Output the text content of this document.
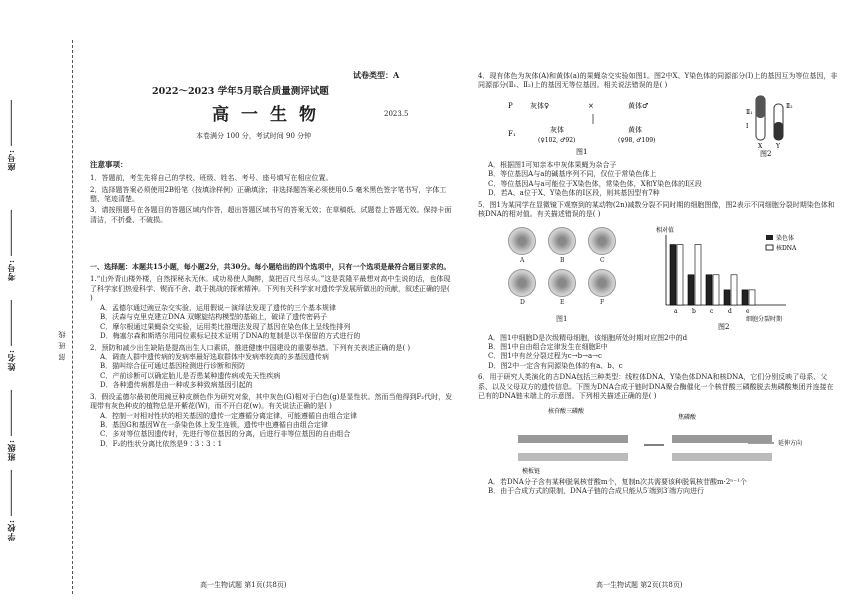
学校:
班级:
姓名:
考号:
座号:
部 班 线
试卷类型：A
2022～2023 学年5月联合质量测评试题
高一生物	2023.5
本卷满分 100 分，考试时间 90 分钟
注意事项：
1．答题前，考生先将自己的学校、班级、姓名、考号、座号填写在相应位置。
2．选择题答案必须使用2B铅笔（按填涂样例）正确填涂；非选择题答案必须使用0.5 毫米黑色签字笔书写，字体工整、笔迹清楚。
3．请按照题号在各题目的答题区域内作答，超出答题区域书写的答案无效；在草稿纸、试题卷上答题无效。保持卡面清洁，不折叠、不破损。
一、选择题：本题共15小题，每小题2分，共30分。每小题给出的四个选项中，只有一个选项是最符合题目要求的。
1.“山外青山楼外楼，自然探秘永无休。成功易使人陶醉，莫把百尺当尽头。”这是袁隆平最想对高中生说的话，也体现了科学家们热爱科学、锲而不舍、敢于挑战的探索精神。下列有关科学家对遗传学发展所做出的贡献，叙述正确的是( )
A．孟德尔通过豌豆杂交实验，运用假说－演绎法发现了遗传的三个基本规律
B．沃森与克里克建立DNA 双螺旋结构模型的基础上，破译了遗传密码子
C．摩尔根通过果蝇杂交实验，运用类比推理法发现了基因在染色体上呈线性排列
D．梅塞尔森和斯塔尔用同位素标记技术证明了DNA的复制是以半保留的方式进行的
2．预防和减少出生缺陷是提高出生人口素质，推进健康中国建设的重要举措。下列有关表述正确的是( )
A．调查人群中遗传病的发病率最好选取群体中发病率较高的多基因遗传病
B．猫叫综合征可通过基因检测进行诊断和预防
C．产前诊断可以确定胎儿是否患某种遗传病或先天性疾病
D．各种遗传病都是由一种或多种致病基因引起的
3．假设孟德尔最初使用豌豆种皮颜色作为研究对象，其中灰色(G)相对于白色(g)是显性状。然而当他得到F₂代时，发现带有灰色种皮的植物总是开紫花(W)，而不开白花(w)。有关说法正确的是( )
A．控制一对相对性状的相关基因的遗传一定遵循分离定律，可能遵循自由组合定律
B．基因G和基因W在一条染色体上发生连锁，遗传中也遵循自由组合定律
C．多对等位基因遗传时，先进行等位基因的分离，后进行非等位基因的自由组合
D．F₂的性状分离比依然是9∶3∶3∶1
4．现有体色为灰体(A)和黄体(a)的果蝇杂交实验如图1。图2中X、Y染色体的同源部分(Ⅰ)上的基因互为等位基因，非同源部分(Ⅱ₁、Ⅱ₂)上的基因无等位基因。相关说法错误的是( )
P 灰体♀	×	黄体♂
F₁	灰体
(♀102, ♂92)
黄体
(♀98, ♂109)
图1
Ⅱ₁
Ⅰ
Ⅱ₂
X Y
图2
A．根据图1可知亲本中灰体果蝇为杂合子
B．等位基因A与a的碱基序列不同，仅位于常染色体上
C．等位基因A与a可能位于X染色体，常染色体，X和Y染色体的Ⅰ区段
D．若A、a位于X、Y染色体的Ⅰ区段，则其基因型有7种
5．图1为某同学在显微镜下观察到的某动物(2n)减数分裂不同时期的细胞图像，图2表示不同细胞分裂时期染色体和核DNA的相对值。有关描述错误的是( )
A	B	C
D	E	F
图1
相对值
a b c d e
染色体
核DNA
细胞分裂时期
图2
A．图1中细胞D是次级精母细胞，该细胞所处时期对应图2中的d
B．图1中自由组合定律发生在细胞E中
C．图1中有丝分裂过程为c→b→a→c
D．图2中一定含有同源染色体的有a、b、c
6．用于研究人类演化的古DNA包括三种类型：线粒体DNA、Y染色体DNA和核DNA，它们分别反映了母系、父系、以及父母双方的遗传信息。下图为DNA合成于链时DNA聚合酶催化一个核苷酸三磷酸脱去焦磷酸集团并连接在已有的DNA链末端上的示意图。下列相关描述正确的是( )
核苷酸三磷酸
焦磷酸
延伸方向
模板链
A．若DNA分子含有某种脱氧核苷酸m个，复制n次共需要该种脱氧核苷酸m·2ⁿ⁻¹个
B．由于合成方式的限制，DNA子链的合成只能从5′端到3′端方向进行
高一生物试题 第1页(共8页)	高一生物试题 第2页(共8页)
